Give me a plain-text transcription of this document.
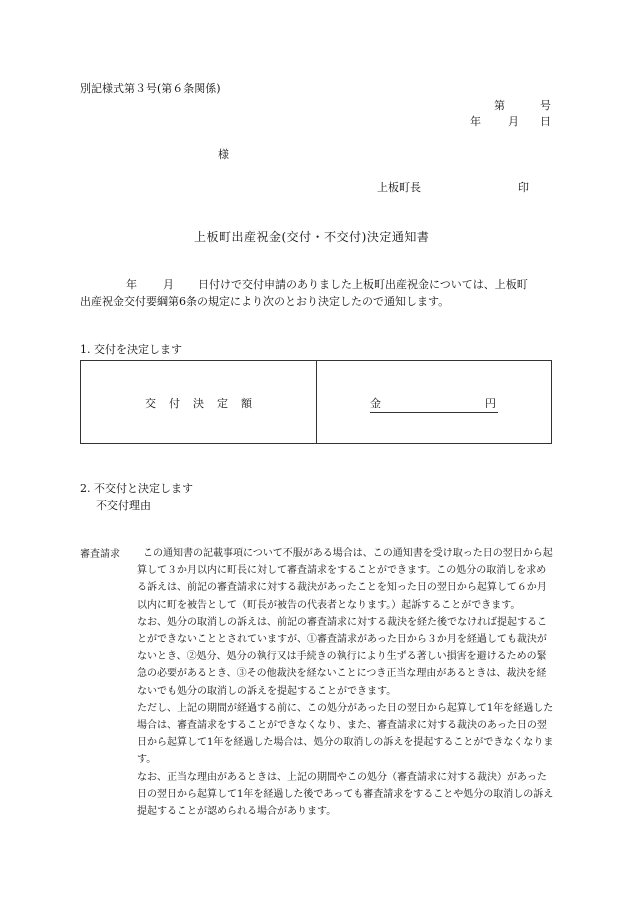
別記様式第３号(第６条関係)
第	号
年 月 日
様
上板町長	印
上板町出産祝金(交付・不交付)決定通知書
年 月 日付けで交付申請のありました上板町出産祝金については、上板町
出産祝金交付要綱第6条の規定により次のとおり決定したので通知します。
1. 交付を決定します
交　付　決　定　額	金	円
2. 不交付と決定します
不交付理由
審査請求	この通知書の記載事項について不服がある場合は、この通知書を受け取った日の翌日から起算して３か月以内に町長に対して審査請求をすることができます。この処分の取消しを求める訴えは、前記の審査請求に対する裁決があったことを知った日の翌日から起算して６か月以内に町を被告として（町長が被告の代表者となります。）起訴することができます。

なお、処分の取消しの訴えは、前記の審査請求に対する裁決を経た後でなければ提起することができないこととされていますが、①審査請求があった日から３か月を経過しても裁決がないとき、②処分、処分の執行又は手続きの執行により生ずる著しい損害を避けるための緊急の必要があるとき、③その他裁決を経ないことにつき正当な理由があるときは、裁決を経ないでも処分の取消しの訴えを提起することができます。

ただし、上記の期間が経過する前に、この処分があった日の翌日から起算して1年を経過した場合は、審査請求をすることができなくなり、また、審査請求に対する裁決のあった日の翌日から起算して1年を経過した場合は、処分の取消しの訴えを提起することができなくなります。

なお、正当な理由があるときは、上記の期間やこの処分（審査請求に対する裁決）があった日の翌日から起算して1年を経過した後であっても審査請求をすることや処分の取消しの訴え提起することが認められる場合があります。
